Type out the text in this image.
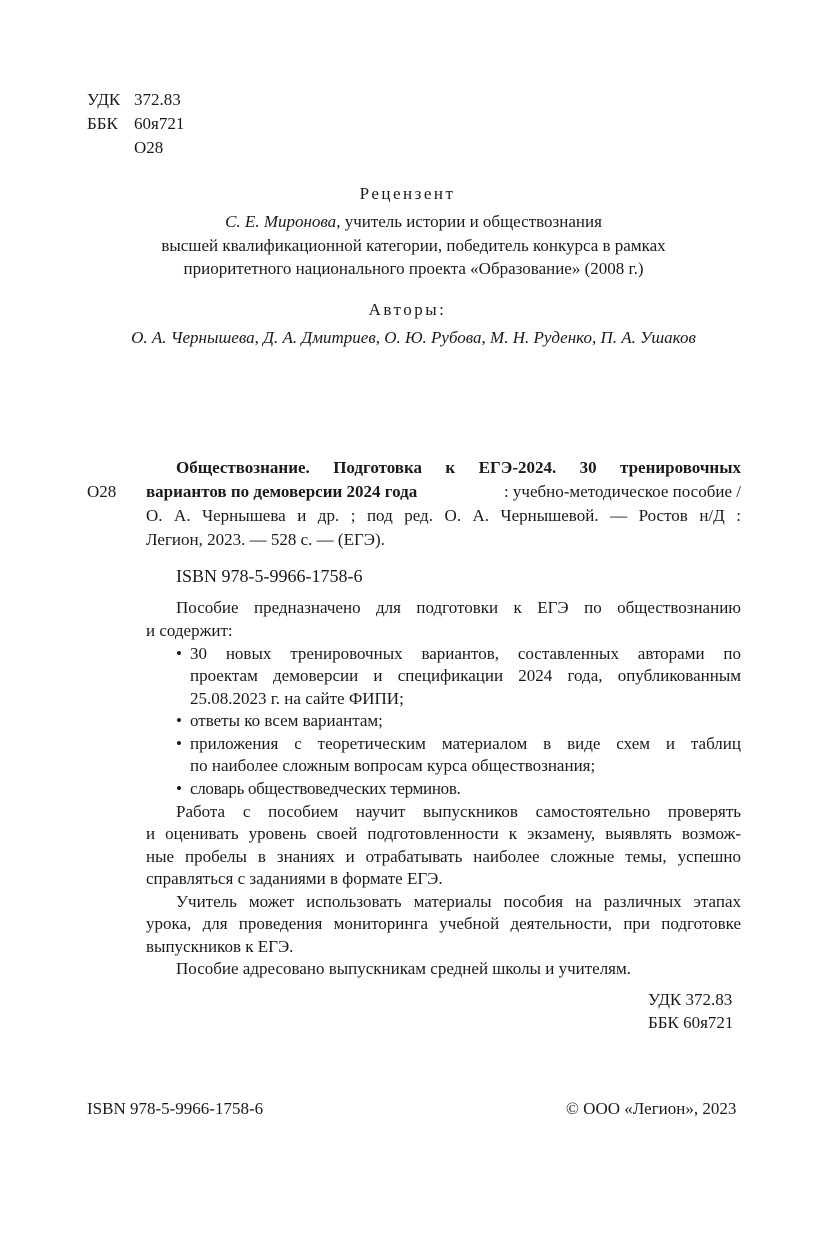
УДК 372.83
ББК 60я721
О28
Рецензент
С. Е. Миронова, учитель истории и обществознания
высшей квалификационной категории, победитель конкурса в рамках
приоритетного национального проекта «Образование» (2008 г.)
Авторы:
О. А. Чернышева, Д. А. Дмитриев, О. Ю. Рубова, М. Н. Руденко, П. А. Ушаков
О28
Обществознание. Подготовка к ЕГЭ-2024. 30 тренировочных
вариантов по демоверсии 2024 года	: учебно-методическое пособие /
О. А. Чернышева и др. ; под ред. О. А. Чернышевой. — Ростов н/Д :
Легион, 2023. — 528 с. — (ЕГЭ).
ISBN 978-5-9966-1758-6
Пособие предназначено для подготовки к ЕГЭ по обществознанию
и содержит:
• 30 новых тренировочных вариантов, составленных авторами по
проектам демоверсии и спецификации 2024 года, опубликованным
25.08.2023 г. на сайте ФИПИ;
• ответы ко всем вариантам;
• приложения с теоретическим материалом в виде схем и таблиц
по наиболее сложным вопросам курса обществознания;
• словарь обществоведческих терминов.
Работа с пособием научит выпускников самостоятельно проверять
и оценивать уровень своей подготовленности к экзамену, выявлять возмож-
ные пробелы в знаниях и отрабатывать наиболее сложные темы, успешно
справляться с заданиями в формате ЕГЭ.
Учитель может использовать материалы пособия на различных этапах
урока, для проведения мониторинга учебной деятельности, при подготовке
выпускников к ЕГЭ.
Пособие адресовано выпускникам средней школы и учителям.
УДК 372.83
ББК 60я721
ISBN 978-5-9966-1758-6	© ООО «Легион», 2023
